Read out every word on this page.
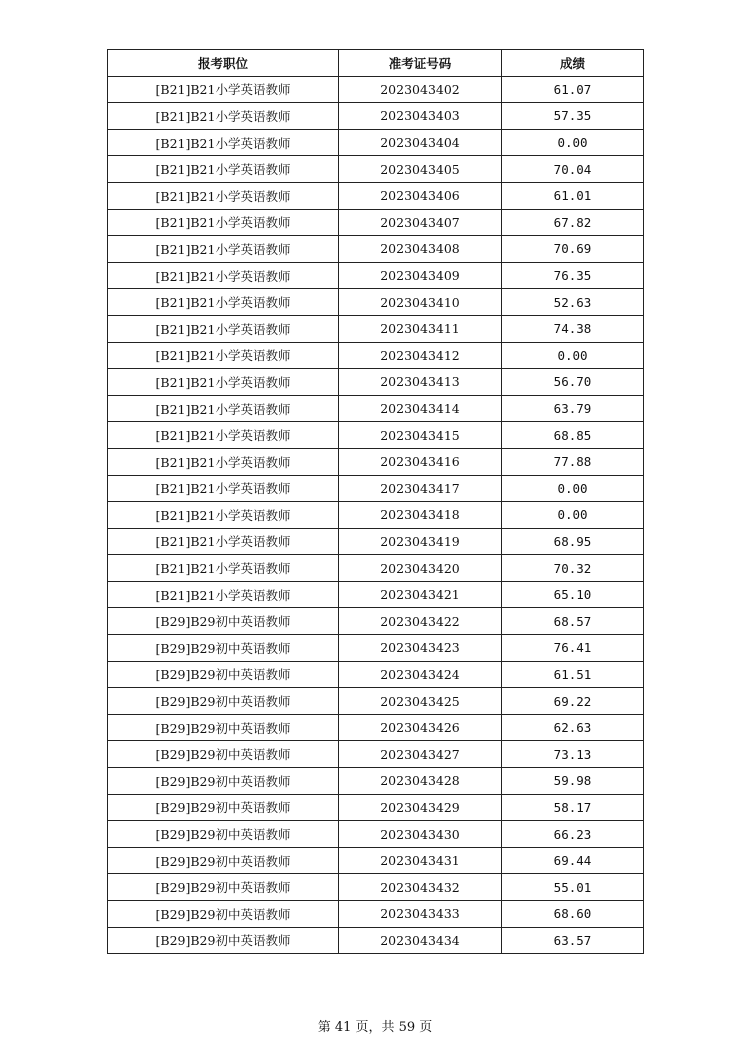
报考职位	准考证号码	成绩
[B21]B21小学英语教师	2023043402	61.07
[B21]B21小学英语教师	2023043403	57.35
[B21]B21小学英语教师	2023043404	0.00
[B21]B21小学英语教师	2023043405	70.04
[B21]B21小学英语教师	2023043406	61.01
[B21]B21小学英语教师	2023043407	67.82
[B21]B21小学英语教师	2023043408	70.69
[B21]B21小学英语教师	2023043409	76.35
[B21]B21小学英语教师	2023043410	52.63
[B21]B21小学英语教师	2023043411	74.38
[B21]B21小学英语教师	2023043412	0.00
[B21]B21小学英语教师	2023043413	56.70
[B21]B21小学英语教师	2023043414	63.79
[B21]B21小学英语教师	2023043415	68.85
[B21]B21小学英语教师	2023043416	77.88
[B21]B21小学英语教师	2023043417	0.00
[B21]B21小学英语教师	2023043418	0.00
[B21]B21小学英语教师	2023043419	68.95
[B21]B21小学英语教师	2023043420	70.32
[B21]B21小学英语教师	2023043421	65.10
[B29]B29初中英语教师	2023043422	68.57
[B29]B29初中英语教师	2023043423	76.41
[B29]B29初中英语教师	2023043424	61.51
[B29]B29初中英语教师	2023043425	69.22
[B29]B29初中英语教师	2023043426	62.63
[B29]B29初中英语教师	2023043427	73.13
[B29]B29初中英语教师	2023043428	59.98
[B29]B29初中英语教师	2023043429	58.17
[B29]B29初中英语教师	2023043430	66.23
[B29]B29初中英语教师	2023043431	69.44
[B29]B29初中英语教师	2023043432	55.01
[B29]B29初中英语教师	2023043433	68.60
[B29]B29初中英语教师	2023043434	63.57
第 41 页，共 59 页
